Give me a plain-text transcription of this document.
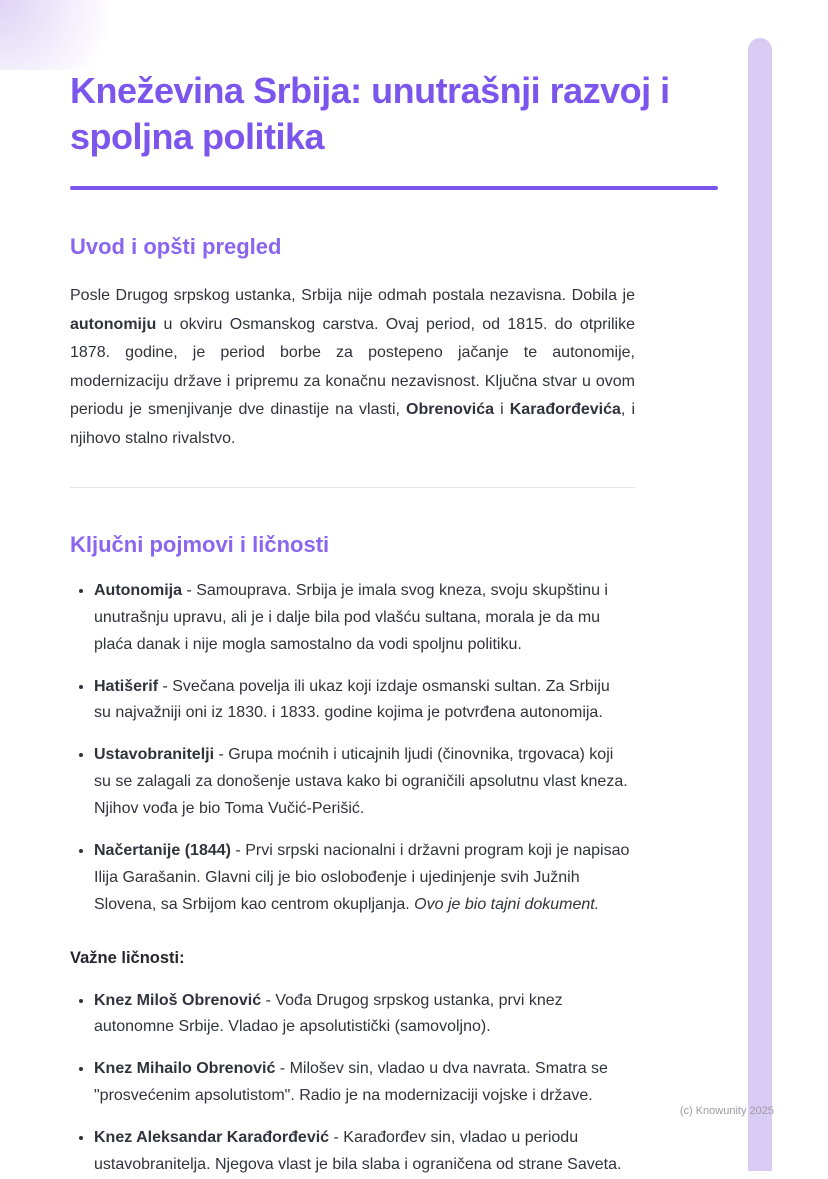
Kneževina Srbija: unutrašnji razvoj i spoljna politika
Uvod i opšti pregled

Posle Drugog srpskog ustanka, Srbija nije odmah postala nezavisna. Dobila je autonomiju u okviru Osmanskog carstva. Ovaj period, od 1815. do otprilike 1878. godine, je period borbe za postepeno jačanje te autonomije, modernizaciju države i pripremu za konačnu nezavisnost. Ključna stvar u ovom periodu je smenjivanje dve dinastije na vlasti, Obrenovića i Karađorđevića, i njihovo stalno rivalstvo.

Ključni pojmovi i ličnosti
• Autonomija - Samouprava. Srbija je imala svog kneza, svoju skupštinu i unutrašnju upravu, ali je i dalje bila pod vlašću sultana, morala je da mu plaća danak i nije mogla samostalno da vodi spoljnu politiku.
• Hatišerif - Svečana povelja ili ukaz koji izdaje osmanski sultan. Za Srbiju su najvažniji oni iz 1830. i 1833. godine kojima je potvrđena autonomija.
• Ustavobranitelji - Grupa moćnih i uticajnih ljudi (činovnika, trgovaca) koji su se zalagali za donošenje ustava kako bi ograničili apsolutnu vlast kneza. Njihov vođa je bio Toma Vučić-Perišić.
• Načertanije (1844) - Prvi srpski nacionalni i državni program koji je napisao Ilija Garašanin. Glavni cilj je bio oslobođenje i ujedinjenje svih Južnih Slovena, sa Srbijom kao centrom okupljanja. Ovo je bio tajni dokument.
Važne ličnosti:
• Knez Miloš Obrenović - Vođa Drugog srpskog ustanka, prvi knez autonomne Srbije. Vladao je apsolutistički (samovoljno).
• Knez Mihailo Obrenović - Milošev sin, vladao u dva navrata. Smatra se "prosvećenim apsolutistom". Radio je na modernizaciji vojske i države.
• Knez Aleksandar Karađorđević - Karađorđev sin, vladao u periodu ustavobranitelja. Njegova vlast je bila slaba i ograničena od strane Saveta.
(c) Knowunity 2025
